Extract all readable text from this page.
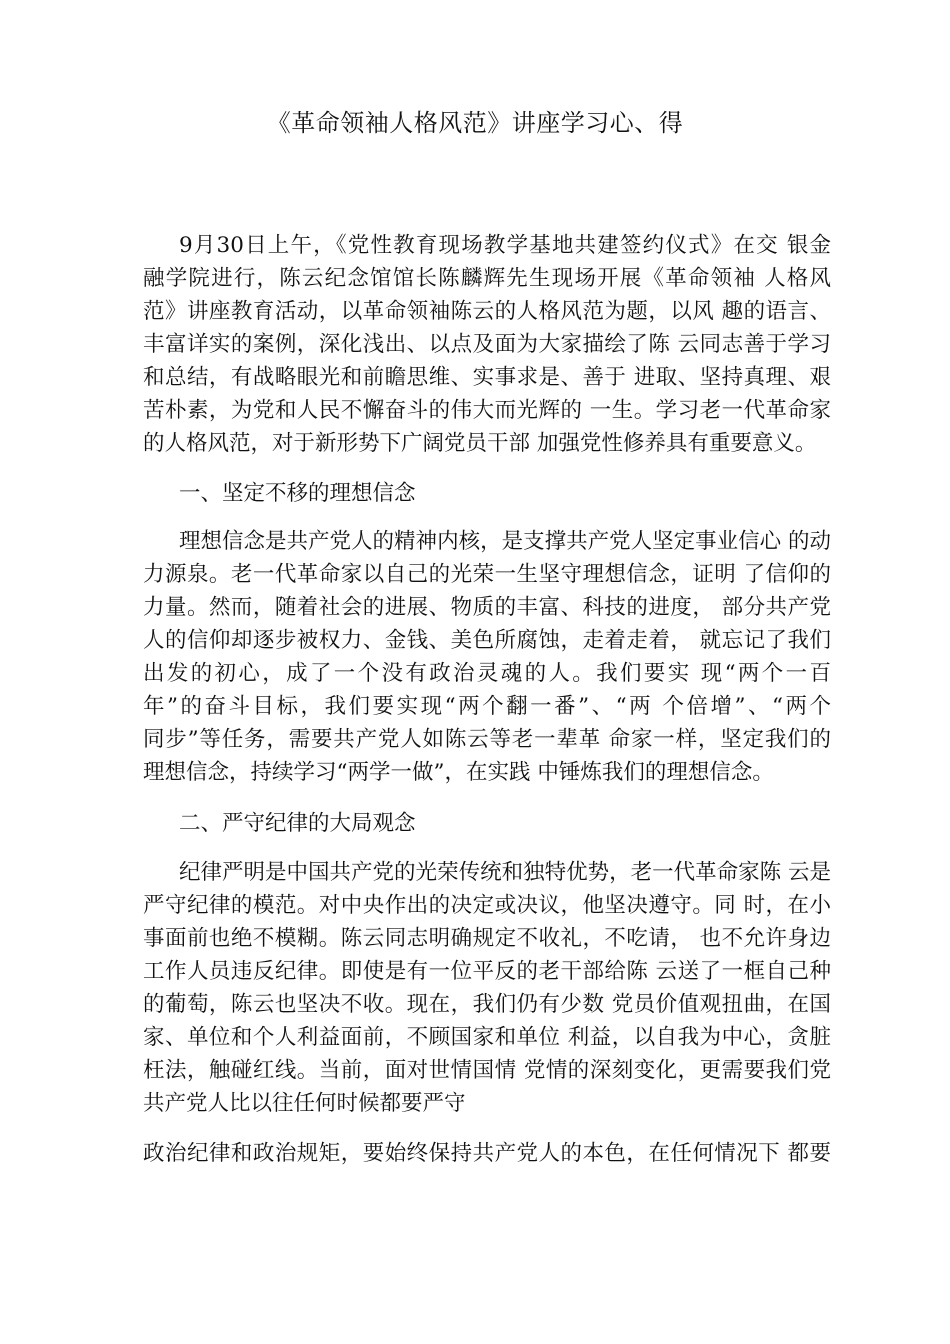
《革命领袖人格风范》讲座学习心、得
9月30日上午，《党性教育现场教学基地共建签约仪式》在交 银金
融学院进行，陈云纪念馆馆长陈麟辉先生现场开展《革命领袖 人格风
范》讲座教育活动，以革命领袖陈云的人格风范为题，以风 趣的语言、
丰富详实的案例，深化浅出、以点及面为大家描绘了陈 云同志善于学习
和总结，有战略眼光和前瞻思维、实事求是、善于 进取、坚持真理、艰
苦朴素，为党和人民不懈奋斗的伟大而光辉的 一生。学习老一代革命家
的人格风范，对于新形势下广阔党员干部 加强党性修养具有重要意义。
一、坚定不移的理想信念
理想信念是共产党人的精神内核，是支撑共产党人坚定事业信心 的动
力源泉。老一代革命家以自己的光荣一生坚守理想信念，证明 了信仰的
力量。然而，随着社会的进展、物质的丰富、科技的进度， 部分共产党
人的信仰却逐步被权力、金钱、美色所腐蚀，走着走着， 就忘记了我们
出发的初心，成了一个没有政治灵魂的人。我们要实 现“两个一百
年”的奋斗目标，我们要实现“两个翻一番”、“两 个倍增”、“两个
同步”等任务，需要共产党人如陈云等老一辈革 命家一样，坚定我们的
理想信念，持续学习“两学一做”，在实践 中锤炼我们的理想信念。
二、严守纪律的大局观念
纪律严明是中国共产党的光荣传统和独特优势，老一代革命家陈 云是
严守纪律的模范。对中央作出的决定或决议，他坚决遵守。同 时，在小
事面前也绝不模糊。陈云同志明确规定不收礼，不吃请， 也不允许身边
工作人员违反纪律。即使是有一位平反的老干部给陈 云送了一框自己种
的葡萄，陈云也坚决不收。现在，我们仍有少数 党员价值观扭曲，在国
家、单位和个人利益面前，不顾国家和单位 利益，以自我为中心，贪脏
枉法，触碰红线。当前，面对世情国情 党情的深刻变化，更需要我们党
共产党人比以往任何时候都要严守
政治纪律和政治规矩，要始终保持共产党人的本色，在任何情况下 都要
